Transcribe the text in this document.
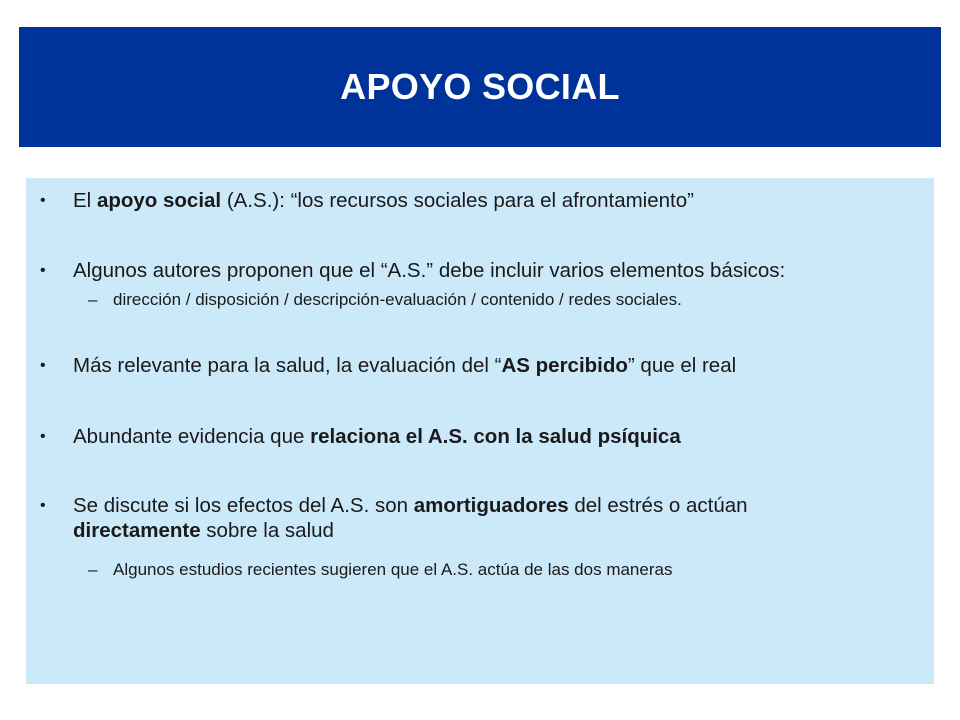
APOYO SOCIAL
•	El apoyo social (A.S.): “los recursos sociales para el afrontamiento”
•	Algunos autores proponen que el “A.S.” debe incluir varios elementos básicos:
– dirección / disposición / descripción-evaluación / contenido / redes sociales.
•	Más relevante para la salud, la evaluación del “AS percibido” que el real
•	Abundante evidencia que relaciona el A.S. con la salud psíquica
•	Se discute si los efectos del A.S. son amortiguadores del estrés o actúan
directamente sobre la salud
– Algunos estudios recientes sugieren que el A.S. actúa de las dos maneras
